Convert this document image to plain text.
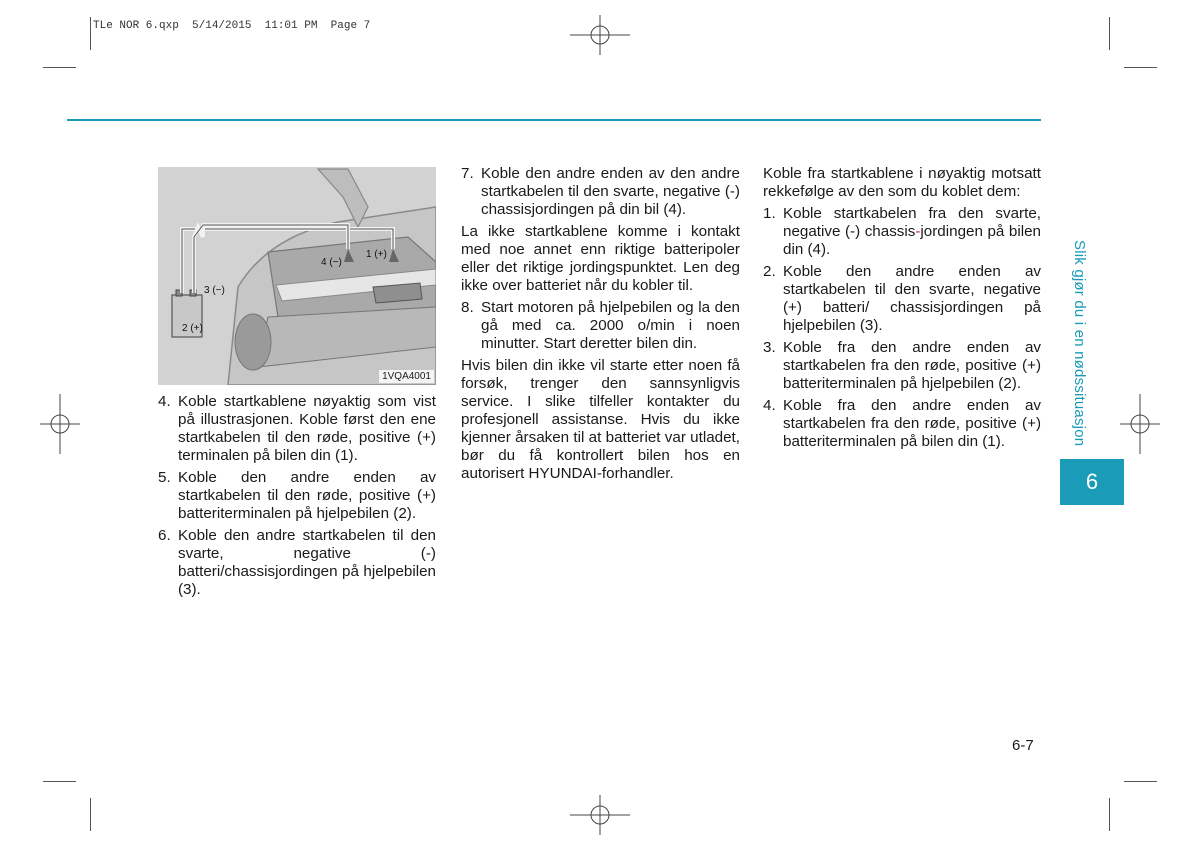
TLe NOR 6.qxp  5/14/2015  11:01 PM  Page 7
1 (+)
4 (−)
3 (−)
2 (+)
1VQA4001
4. Koble startkablene nøyaktig som vist på illustrasjonen. Koble først den ene startkabelen til den røde, positive (+) terminalen på bilen din (1).
5. Koble den andre enden av startkabelen til den røde, positive (+) batteriterminalen på hjelpebilen (2).
6. Koble den andre startkabelen til den svarte, negative (-) batteri/chassisjordingen på hjelpebilen (3).
7. Koble den andre enden av den andre startkabelen til den svarte, negative (-) chassisjordingen på din bil (4).

La ikke startkablene komme i kontakt med noe annet enn riktige batteripoler eller det riktige jordingspunktet. Len deg ikke over batteriet når du kobler til.

8. Start motoren på hjelpebilen og la den gå med ca. 2000 o/min i noen minutter. Start deretter bilen din.

Hvis bilen din ikke vil starte etter noen få forsøk, trenger den sannsynligvis service. I slike tilfeller kontakter du profesjonell assistanse. Hvis du ikke kjenner årsaken til at batteriet var utladet, bør du få kontrollert bilen hos en autorisert HYUNDAI-forhandler.

Koble fra startkablene i nøyaktig motsatt rekkefølge av den som du koblet dem:

1. Koble startkabelen fra den svarte, negative (-) chassis-jordingen på bilen din (4).
2. Koble den andre enden av startkabelen til den svarte, negative (+) batteri/ chassisjordingen på hjelpebilen (3).
3. Koble fra den andre enden av startkabelen fra den røde, positive (+) batteriterminalen på hjelpebilen (2).
4. Koble fra den andre enden av startkabelen fra den røde, positive (+) batteriterminalen på bilen din (1).	Slik gjør du i en nødssituasjon
6
6-7
